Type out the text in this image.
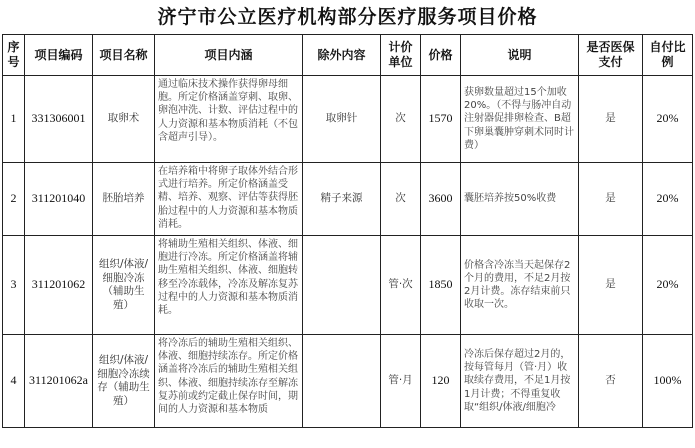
济宁市公立医疗机构部分医疗服务项目价格
序号	项目编码	项目名称	项目内涵	除外内容	计价单位	价格	说明	是否医保支付	自付比例
1	331306001	取卵术	通过临床技术操作获得卵母细胞。所定价格涵盖穿刺、取卵、卵泡冲洗、计数、评估过程中的人力资源和基本物质消耗（不包含超声引导）。	取卵针	次	1570	获卵数量超过15个加收20%。（不得与肠冲自动注射器促排卵检查、B超下卵巢囊肿穿刺术同时计费）	是	20%
2	311201040	胚胎培养	在培养箱中将卵子取体外结合形式进行培养。所定价格涵盖受精、培养、观察、评估等获得胚胎过程中的人力资源和基本物质消耗。	精子来源	次	3600	囊胚培养按50%收费	是	20%
3	311201062	组织/体液/细胞冷冻（辅助生殖）	将辅助生殖相关组织、体液、细胞进行冷冻。所定价格涵盖将辅助生殖相关组织、体液、细胞转移至冷冻载体，冷冻及解冻复苏过程中的人力资源和基本物质消耗。		管·次	1850	价格含冷冻当天起保存2个月的费用，不足2月按2月计费。冻存结束前只收取一次。	是	20%
4	311201062a	组织/体液/细胞冷冻续存（辅助生殖）	将冷冻后的辅助生殖相关组织、体液、细胞持续冻存。所定价格涵盖将冷冻后的辅助生殖相关组织、体液、细胞持续冻存至解冻复苏前或约定截止保存时间，期间的人力资源和基本物质		管·月	120	冷冻后保存超过2月的，按每管每月（管·月）收取续存费用，不足1月按1月计费；不得重复收取“组织/体液/细胞冷	否	100%
